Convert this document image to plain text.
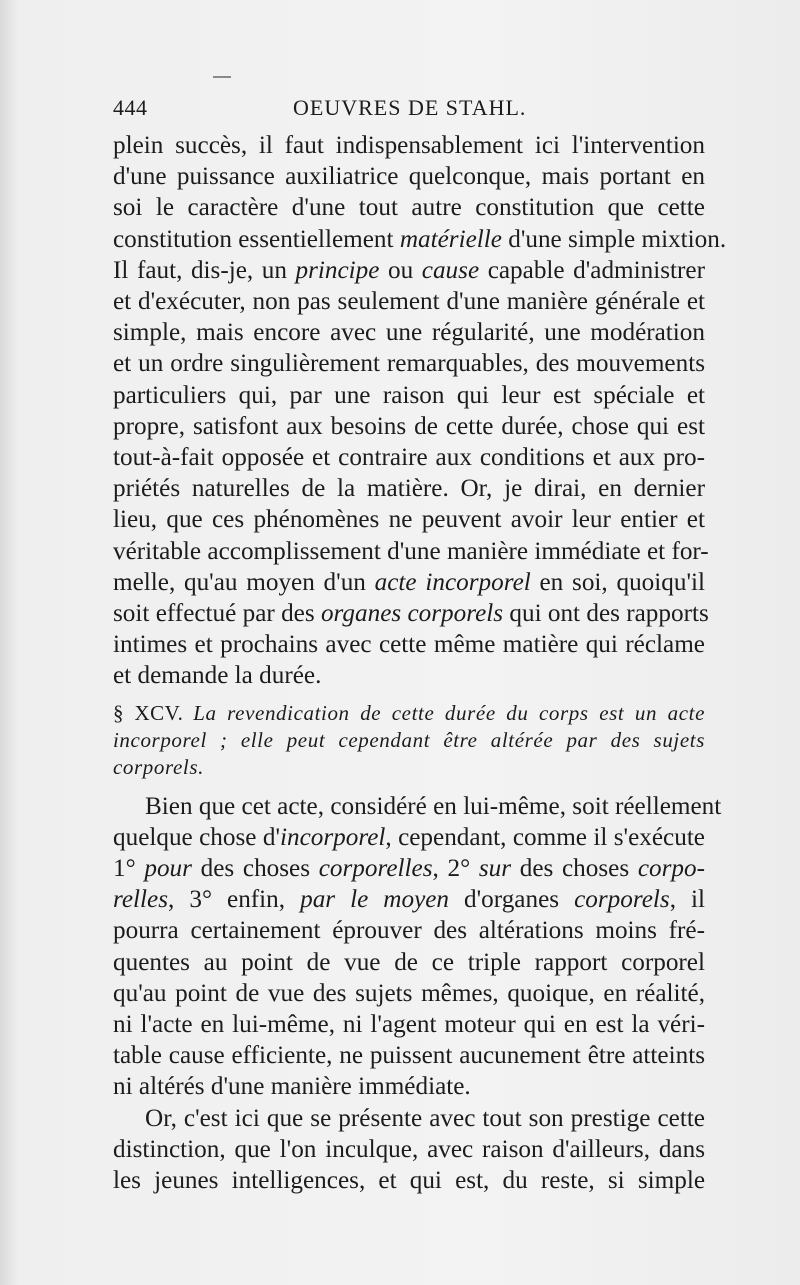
444	OEUVRES DE STAHL.
plein succès, il faut indispensablement ici l'intervention
d'une puissance auxiliatrice quelconque, mais portant en
soi le caractère d'une tout autre constitution que cette
constitution essentiellement matérielle d'une simple mixtion.
Il faut, dis-je, un principe ou cause capable d'administrer
et d'exécuter, non pas seulement d'une manière générale et
simple, mais encore avec une régularité, une modération
et un ordre singulièrement remarquables, des mouvements
particuliers qui, par une raison qui leur est spéciale et
propre, satisfont aux besoins de cette durée, chose qui est
tout-à-fait opposée et contraire aux conditions et aux pro-
priétés naturelles de la matière. Or, je dirai, en dernier
lieu, que ces phénomènes ne peuvent avoir leur entier et
véritable accomplissement d'une manière immédiate et for-
melle, qu'au moyen d'un acte incorporel en soi, quoiqu'il
soit effectué par des organes corporels qui ont des rapports
intimes et prochains avec cette même matière qui réclame
et demande la durée.
§ XCV. La revendication de cette durée du corps est un acte
incorporel ; elle peut cependant être altérée par des sujets
corporels.
Bien que cet acte, considéré en lui-même, soit réellement
quelque chose d'incorporel, cependant, comme il s'exécute
1° pour des choses corporelles, 2° sur des choses corpo-
relles, 3° enfin, par le moyen d'organes corporels, il
pourra certainement éprouver des altérations moins fré-
quentes au point de vue de ce triple rapport corporel
qu'au point de vue des sujets mêmes, quoique, en réalité,
ni l'acte en lui-même, ni l'agent moteur qui en est la véri-
table cause efficiente, ne puissent aucunement être atteints
ni altérés d'une manière immédiate.
Or, c'est ici que se présente avec tout son prestige cette
distinction, que l'on inculque, avec raison d'ailleurs, dans
les jeunes intelligences, et qui est, du reste, si simple
